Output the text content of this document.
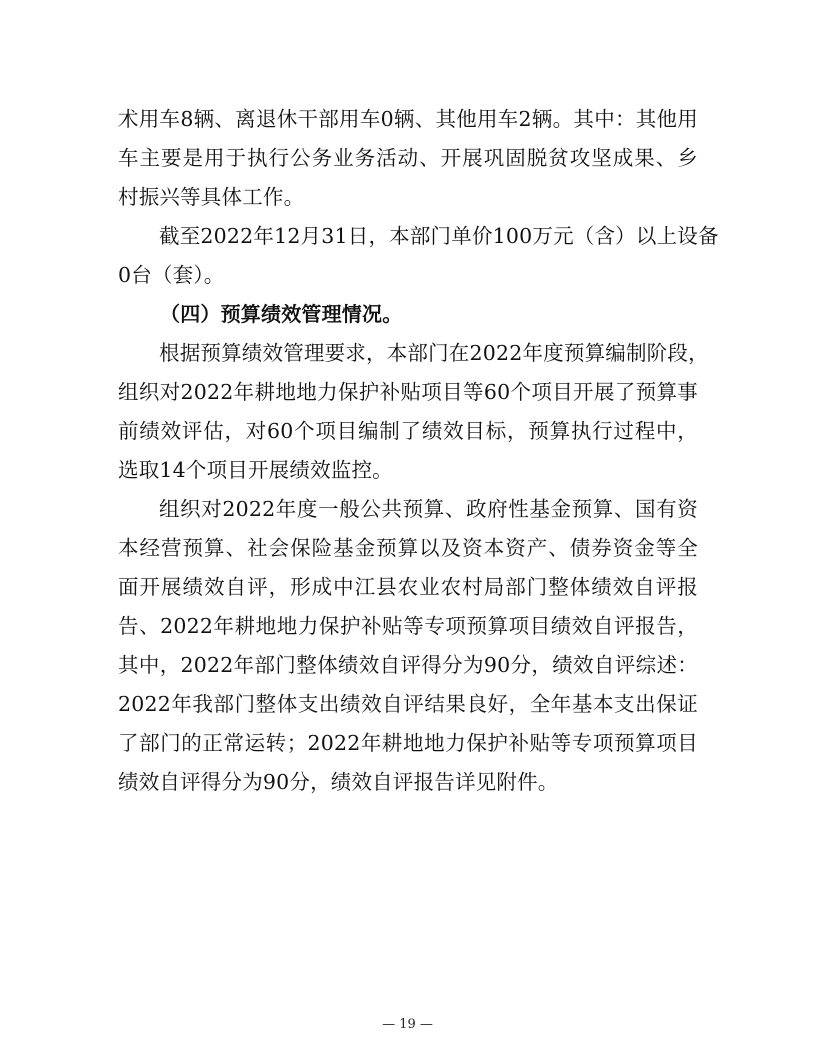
术用车8辆、离退休干部用车0辆、其他用车2辆。其中：其他用
车主要是用于执行公务业务活动、开展巩固脱贫攻坚成果、乡
村振兴等具体工作。
截至2022年12月31日，本部门单价100万元（含）以上设备
0台（套）。
（四）预算绩效管理情况。
根据预算绩效管理要求，本部门在2022年度预算编制阶段，
组织对2022年耕地地力保护补贴项目等60个项目开展了预算事
前绩效评估，对60个项目编制了绩效目标，预算执行过程中，
选取14个项目开展绩效监控。
组织对2022年度一般公共预算、政府性基金预算、国有资
本经营预算、社会保险基金预算以及资本资产、债券资金等全
面开展绩效自评，形成中江县农业农村局部门整体绩效自评报
告、2022年耕地地力保护补贴等专项预算项目绩效自评报告，
其中，2022年部门整体绩效自评得分为90分，绩效自评综述：
2022年我部门整体支出绩效自评结果良好，全年基本支出保证
了部门的正常运转；2022年耕地地力保护补贴等专项预算项目
绩效自评得分为90分，绩效自评报告详见附件。
— 19 —
